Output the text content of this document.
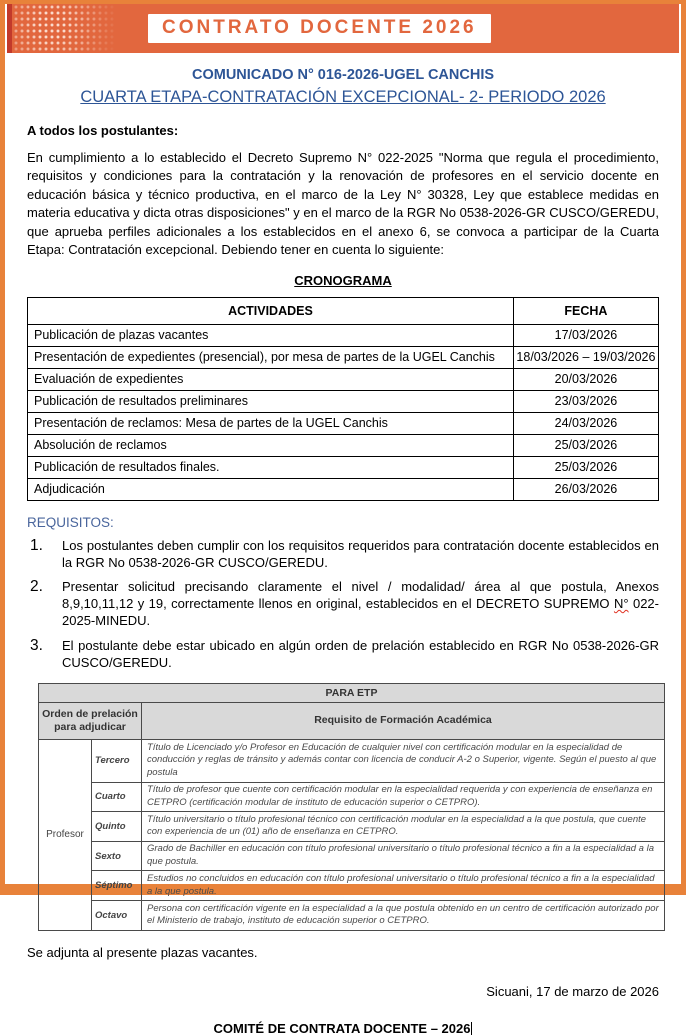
CONTRATO DOCENTE 2026
COMUNICADO N° 016-2026-UGEL CANCHIS
CUARTA ETAPA-CONTRATACIÓN EXCEPCIONAL- 2- PERIODO 2026
A todos los postulantes:
En cumplimiento a lo establecido el Decreto Supremo N° 022-2025 "Norma que regula el procedimiento, requisitos y condiciones para la contratación y la renovación de profesores en el servicio docente en educación básica y técnico productiva, en el marco de la Ley N° 30328, Ley que establece medidas en materia educativa y dicta otras disposiciones" y en el marco de la RGR No 0538-2026-GR CUSCO/GEREDU, que aprueba perfiles adicionales a los establecidos en el anexo 6, se convoca a participar de la Cuarta Etapa: Contratación excepcional. Debiendo tener en cuenta lo siguiente:
CRONOGRAMA
ACTIVIDADES	FECHA
Publicación de plazas vacantes	17/03/2026
Presentación de expedientes (presencial), por mesa de partes de la UGEL Canchis	18/03/2026 – 19/03/2026
Evaluación de expedientes	20/03/2026
Publicación de resultados preliminares	23/03/2026
Presentación de reclamos: Mesa de partes de la UGEL Canchis	24/03/2026
Absolución de reclamos	25/03/2026
Publicación de resultados finales.	25/03/2026
Adjudicación	26/03/2026
REQUISITOS:
1.	Los postulantes deben cumplir con los requisitos requeridos para contratación docente establecidos en la RGR No 0538-2026-GR CUSCO/GEREDU.
2.	Presentar solicitud precisando claramente el nivel / modalidad/ área al que postula, Anexos 8,9,10,11,12 y 19, correctamente llenos en original, establecidos en el DECRETO SUPREMO N° 022-2025-MINEDU.
3.	El postulante debe estar ubicado en algún orden de prelación establecido en RGR No 0538-2026-GR CUSCO/GEREDU.
PARA ETP		
Orden de prelación para adjudicar		Requisito de Formación Académica
Profesor	Tercero	Título de Licenciado y/o Profesor en Educación de cualquier nivel con certificación modular en la especialidad de conducción y reglas de tránsito y además contar con licencia de conducir A-2 o Superior, vigente. Según el puesto al que postula
	Cuarto	Título de profesor que cuente con certificación modular en la especialidad requerida y con experiencia de enseñanza en CETPRO (certificación modular de instituto de educación superior o CETPRO).
	Quinto	Título universitario o título profesional técnico con certificación modular en la especialidad a la que postula, que cuente con experiencia de un (01) año de enseñanza en CETPRO.
	Sexto	Grado de Bachiller en educación con título profesional universitario o título profesional técnico a fin a la especialidad a la que postula.
	Séptimo	Estudios no concluidos en educación con título profesional universitario o título profesional técnico a fin a la especialidad a la que postula.
	Octavo	Persona con certificación vigente en la especialidad a la que postula obtenido en un centro de certificación autorizado por el Ministerio de trabajo, instituto de educación superior o CETPRO.
Se adjunta al presente plazas vacantes.
Sicuani, 17 de marzo de 2026
COMITÉ DE CONTRATA DOCENTE – 2026
